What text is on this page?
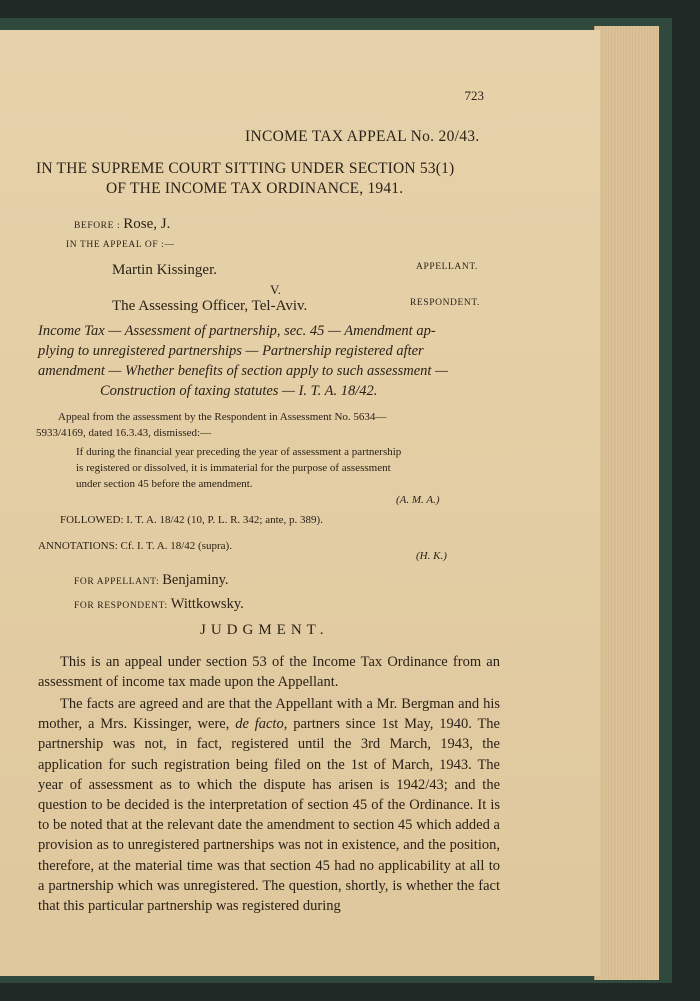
723
INCOME TAX APPEAL No. 20/43.
IN THE SUPREME COURT SITTING UNDER SECTION 53(1)
OF THE INCOME TAX ORDINANCE, 1941.
BEFORE : Rose, J.
IN THE APPEAL OF :—
Martin Kissinger.	APPELLANT.
V.
The Assessing Officer, Tel-Aviv.	RESPONDENT.
Income Tax — Assessment of partnership, sec. 45 — Amendment ap-
plying to unregistered partnerships — Partnership registered after
amendment — Whether benefits of section apply to such assessment —
Construction of taxing statutes — I. T. A. 18/42.
Appeal from the assessment by the Respondent in Assessment No. 5634—
5933/4169, dated 16.3.43, dismissed:—
If during the financial year preceding the year of assessment a partnership
is registered or dissolved, it is immaterial for the purpose of assessment
under section 45 before the amendment.
(A. M. A.)
FOLLOWED: I. T. A. 18/42 (10, P. L. R. 342; ante, p. 389).
ANNOTATIONS: Cf. I. T. A. 18/42 (supra).
(H. K.)
FOR APPELLANT: Benjaminy.
FOR RESPONDENT: Wittkowsky.
JUDGMENT.
This is an appeal under section 53 of the Income Tax Ordinance from an assessment of income tax made upon the Appellant.
The facts are agreed and are that the Appellant with a Mr. Bergman and his mother, a Mrs. Kissinger, were, de facto, partners since 1st May, 1940. The partnership was not, in fact, registered until the 3rd March, 1943, the application for such registration being filed on the 1st of March, 1943. The year of assessment as to which the dispute has arisen is 1942/43; and the question to be decided is the interpretation of section 45 of the Ordinance. It is to be noted that at the relevant date the amendment to section 45 which added a provision as to unregistered partnerships was not in existence, and the position, therefore, at the material time was that section 45 had no applicability at all to a partnership which was unregistered. The question, shortly, is whether the fact that this particular partnership was registered during
